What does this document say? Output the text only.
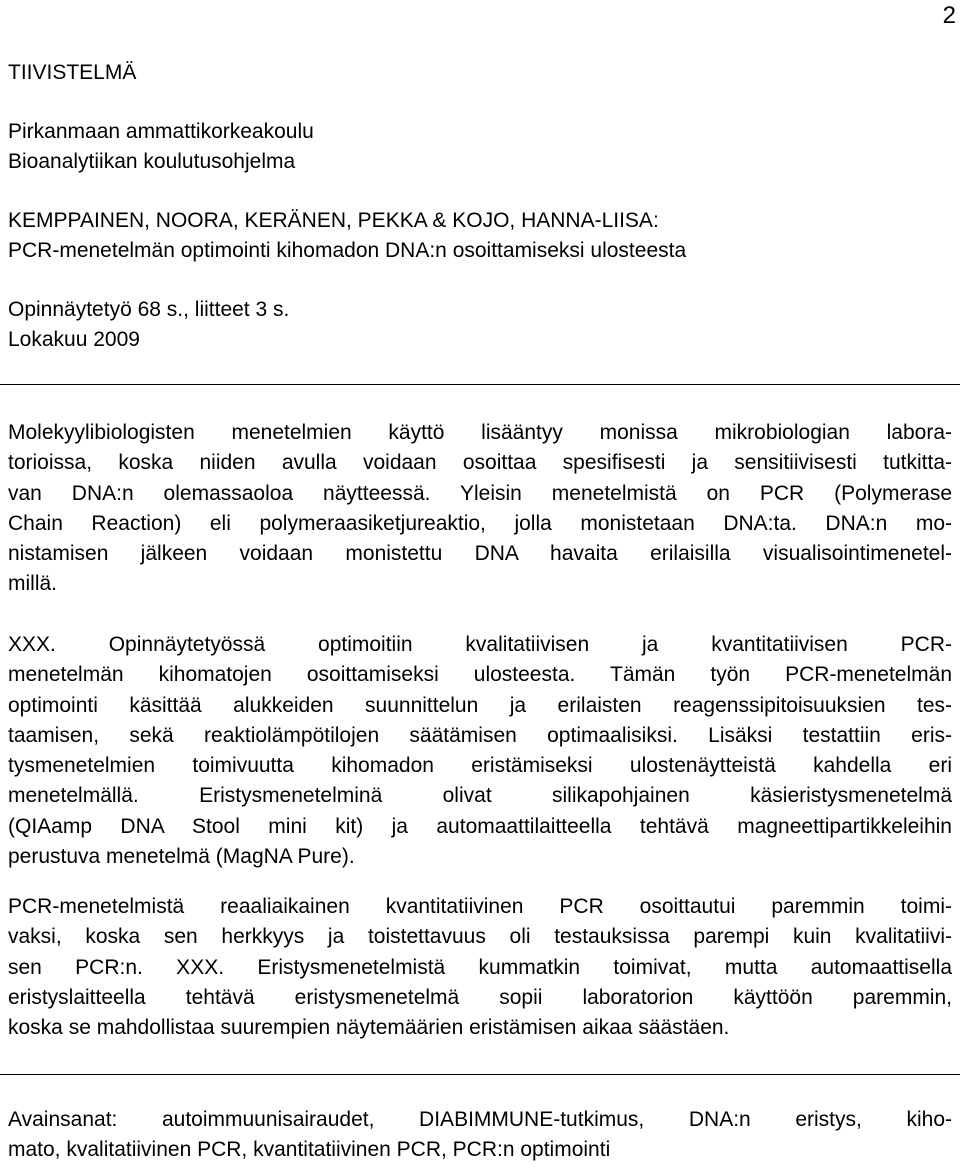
2
TIIVISTELMÄ
Pirkanmaan ammattikorkeakoulu
Bioanalytiikan koulutusohjelma
KEMPPAINEN, NOORA, KERÄNEN, PEKKA & KOJO, HANNA-LIISA:
PCR-menetelmän optimointi kihomadon DNA:n osoittamiseksi ulosteesta
Opinnäytetyö 68 s., liitteet 3 s.
Lokakuu 2009
Molekyylibiologisten menetelmien käyttö lisääntyy monissa mikrobiologian labora-
torioissa, koska niiden avulla voidaan osoittaa spesifisesti ja sensitiivisesti tutkitta-
van DNA:n olemassaoloa näytteessä. Yleisin menetelmistä on PCR (Polymerase
Chain Reaction) eli polymeraasiketjureaktio, jolla monistetaan DNA:ta. DNA:n mo-
nistamisen jälkeen voidaan monistettu DNA havaita erilaisilla visualisointimenetel-
millä.
XXX. Opinnäytetyössä optimoitiin kvalitatiivisen ja kvantitatiivisen PCR-
menetelmän kihomatojen osoittamiseksi ulosteesta. Tämän työn PCR-menetelmän
optimointi käsittää alukkeiden suunnittelun ja erilaisten reagenssipitoisuuksien tes-
taamisen, sekä reaktiolämpötilojen säätämisen optimaalisiksi. Lisäksi testattiin eris-
tysmenetelmien toimivuutta kihomadon eristämiseksi ulostenäytteistä kahdella eri
menetelmällä. Eristysmenetelminä olivat silikapohjainen käsieristysmenetelmä
(QIAamp DNA Stool mini kit) ja automaattilaitteella tehtävä magneettipartikkeleihin
perustuva menetelmä (MagNA Pure).
PCR-menetelmistä reaaliaikainen kvantitatiivinen PCR osoittautui paremmin toimi-
vaksi, koska sen herkkyys ja toistettavuus oli testauksissa parempi kuin kvalitatiivi-
sen PCR:n. XXX. Eristysmenetelmistä kummatkin toimivat, mutta automaattisella
eristyslaitteella tehtävä eristysmenetelmä sopii laboratorion käyttöön paremmin,
koska se mahdollistaa suurempien näytemäärien eristämisen aikaa säästäen.
Avainsanat: autoimmuunisairaudet, DIABIMMUNE-tutkimus, DNA:n eristys, kiho-
mato, kvalitatiivinen PCR, kvantitatiivinen PCR, PCR:n optimointi
